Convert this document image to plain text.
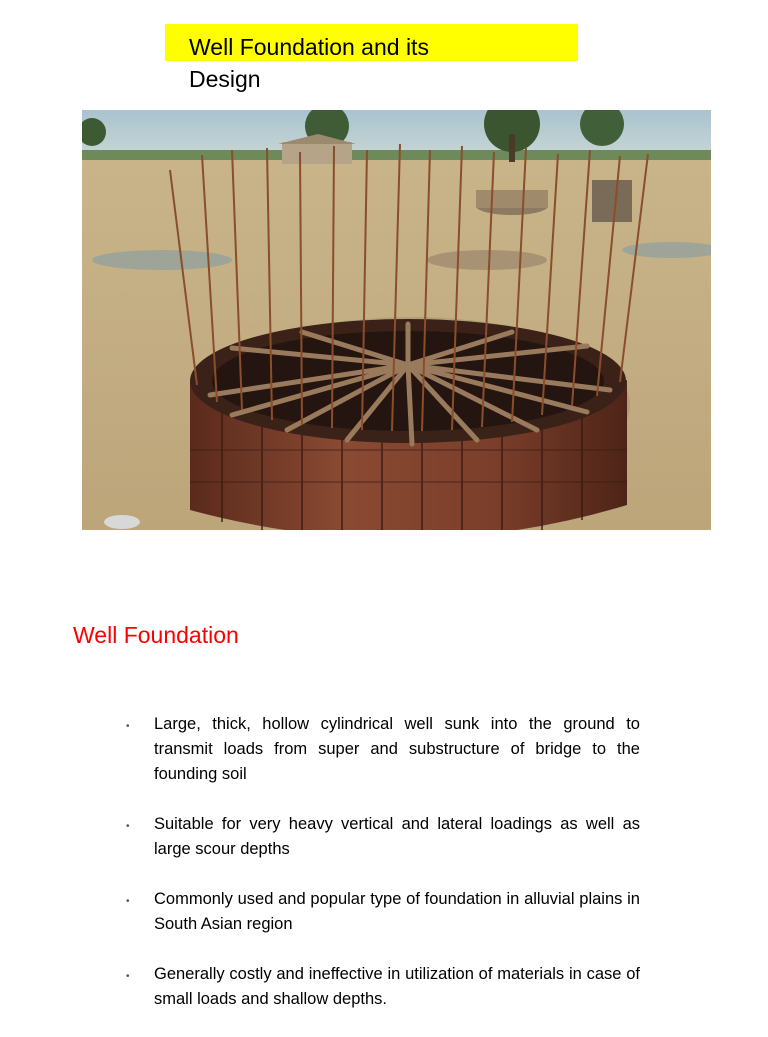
Well Foundation and its
Design
Well Foundation
• Large, thick, hollow cylindrical well sunk into the ground to transmit loads from super and substructure of bridge to the founding soil
• Suitable for very heavy vertical and lateral loadings as well as large scour depths
• Commonly used and popular type of foundation in alluvial plains in South Asian region
• Generally costly and ineffective in utilization of materials in case of small loads and shallow depths.
